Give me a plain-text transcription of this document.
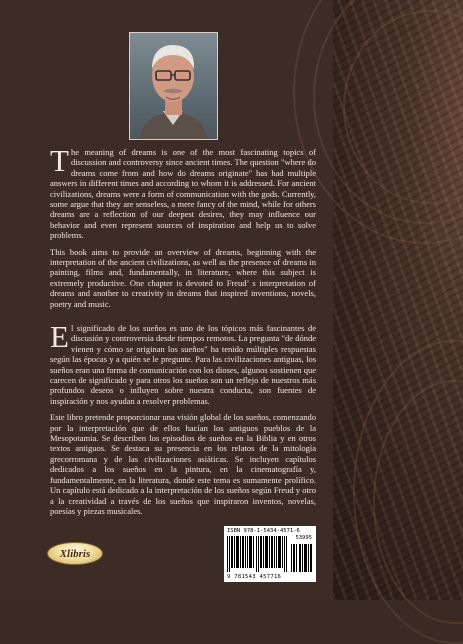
The meaning of dreams is one of the most fascinating topics of discussion and controversy since ancient times. The question "where do dreams come from and how do dreams originate" has had multiple answers in different times and according to whom it is addressed. For ancient civilizations, dreams were a form of communication with the gods. Currently, some argue that they are senseless, a mere fancy of the mind, while for others dreams are a reflection of our deepest desires, they may influence our behavior and even represent sources of inspiration and help us to solve problems.

This book aims to provide an overview of dreams, beginning with the interpretation of the ancient civilizations, as well as the presence of dreams in painting, films and, fundamentally, in literature, where this subject is extremely productive. One chapter is devoted to Freud’ s interpretation of dreams and another to creativity in dreams that inspired inventions, novels, poetry and music.

El significado de los sueños es uno de los tópicos más fascinantes de discusión y controversia desde tiempos remotos. La pregunta "de dónde vienen y cómo se originan los sueños" ha tenido múltiples respuestas según las épocas y a quién se le pregunte. Para las civilizaciones antiguas, los sueños eran una forma de comunicación con los dioses, algunos sostienen que carecen de significado y para otros los sueños son un reflejo de nuestros más profundos deseos o influyen sobre nuestra conducta, son fuentes de inspiración y nos ayudan a resolver problemas.

Este libro pretende proporcionar una visión global de los sueños, comenzando por la interpretación que de ellos hacían los antiguos pueblos de la Mesopotamia. Se describen los episodios de sueños en la Biblia y en otros textos antiguos. Se destaca su presencia en los relatos de la mitología grecorromana y de las civilizaciones asiáticas. Se incluyen capítulos dedicados a los sueños en la pintura, en la cinematografía y, fundamentalmente, en la literatura, donde este tema es sumamente prolífico. Un capítulo está dedicado a la interpretación de los sueños según Freud y otro a la creatividad a través de los sueños que inspiraron inventos, novelas, poesías y piezas musicales.

ISBN 978-1-5434-4571-6
53995
9 781543 457716
Xlibris
